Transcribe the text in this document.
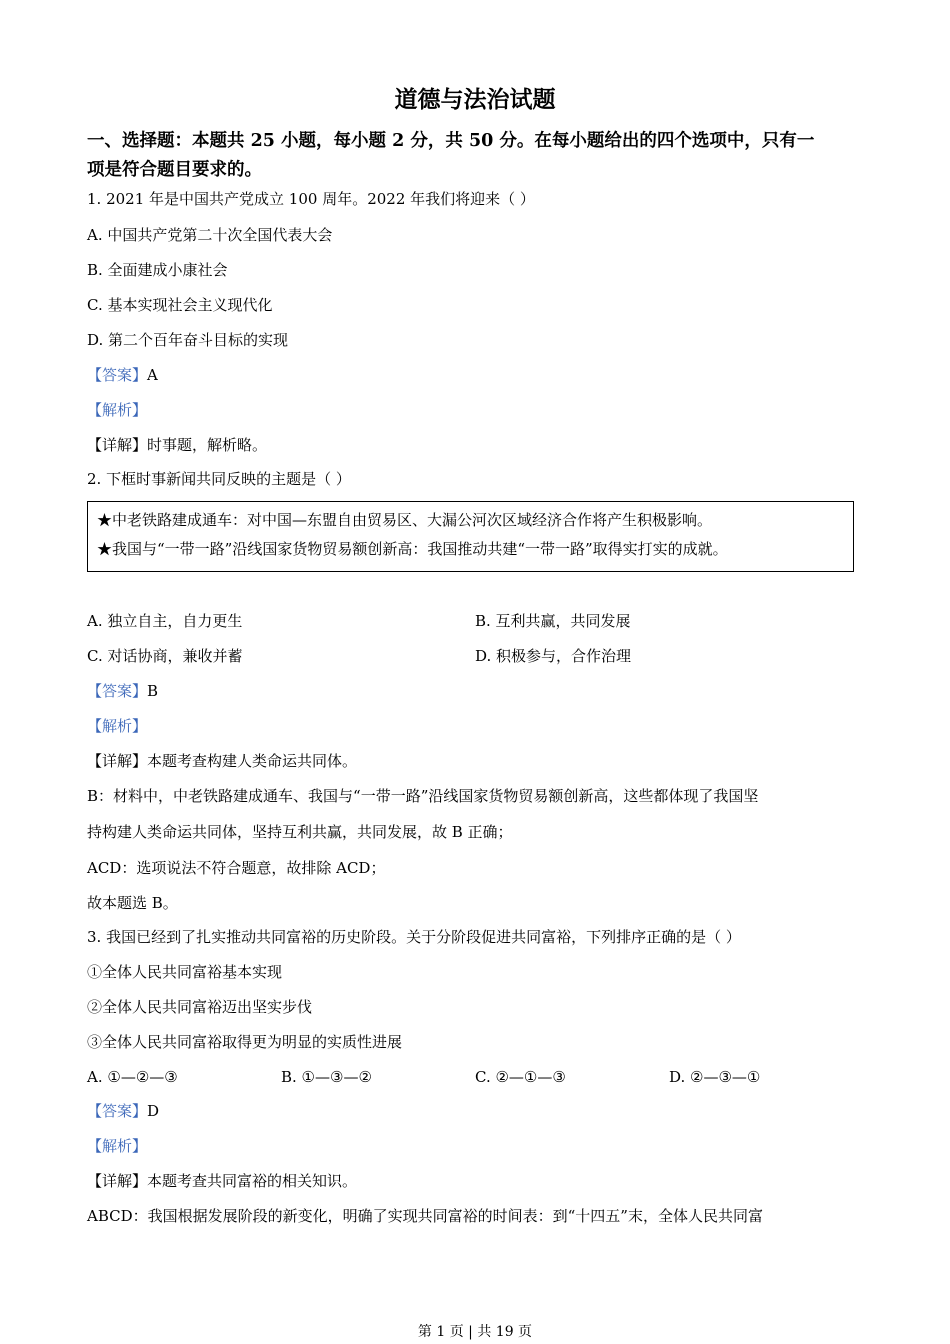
道德与法治试题
一、选择题：本题共 25 小题，每小题 2 分，共 50 分。在每小题给出的四个选项中，只有一
项是符合题目要求的。
1. 2021 年是中国共产党成立 100 周年。2022 年我们将迎来（ ）
A. 中国共产党第二十次全国代表大会
B. 全面建成小康社会
C. 基本实现社会主义现代化
D. 第二个百年奋斗目标的实现
【答案】A
【解析】
【详解】时事题，解析略。
2. 下框时事新闻共同反映的主题是（ ）
★中老铁路建成通车：对中国—东盟自由贸易区、大漏公河次区域经济合作将产生积极影响。
★我国与“一带一路”沿线国家货物贸易额创新高：我国推动共建“一带一路”取得实打实的成就。
A. 独立自主，自力更生	B. 互利共赢，共同发展
C. 对话协商，兼收并蓄	D. 积极参与，合作治理
【答案】B
【解析】
【详解】本题考查构建人类命运共同体。
B：材料中，中老铁路建成通车、我国与“一带一路”沿线国家货物贸易额创新高，这些都体现了我国坚
持构建人类命运共同体，坚持互利共赢，共同发展，故 B 正确；
ACD：选项说法不符合题意，故排除 ACD；
故本题选 B。
3. 我国已经到了扎实推动共同富裕的历史阶段。关于分阶段促进共同富裕，下列排序正确的是（ ）
①全体人民共同富裕基本实现
②全体人民共同富裕迈出坚实步伐
③全体人民共同富裕取得更为明显的实质性进展
A. ①—②—③	B. ①—③—②	C. ②—①—③	D. ②—③—①
【答案】D
【解析】
【详解】本题考查共同富裕的相关知识。
ABCD：我国根据发展阶段的新变化，明确了实现共同富裕的时间表：到“十四五”末，全体人民共同富
第 1 页 | 共 19 页
